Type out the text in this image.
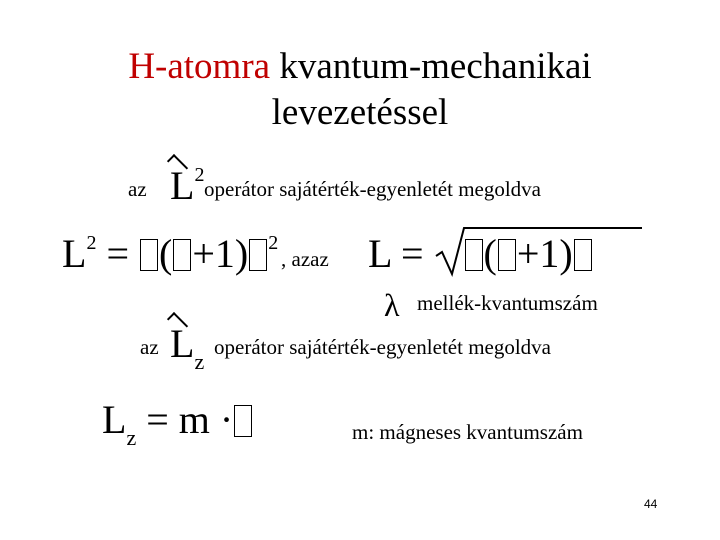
H-atomra kvantum-mechanikai
levezetéssel
az $L^2$
operátor sajátérték-egyenletét megoldva
$L^2$ = ( +1) $^2$
, azaz L = ( +1)
λ mellék-kvantumszám
az $L_z$
operátor sajátérték-egyenletét megoldva
$L_z = m$ ·	m: mágneses kvantumszám
44
